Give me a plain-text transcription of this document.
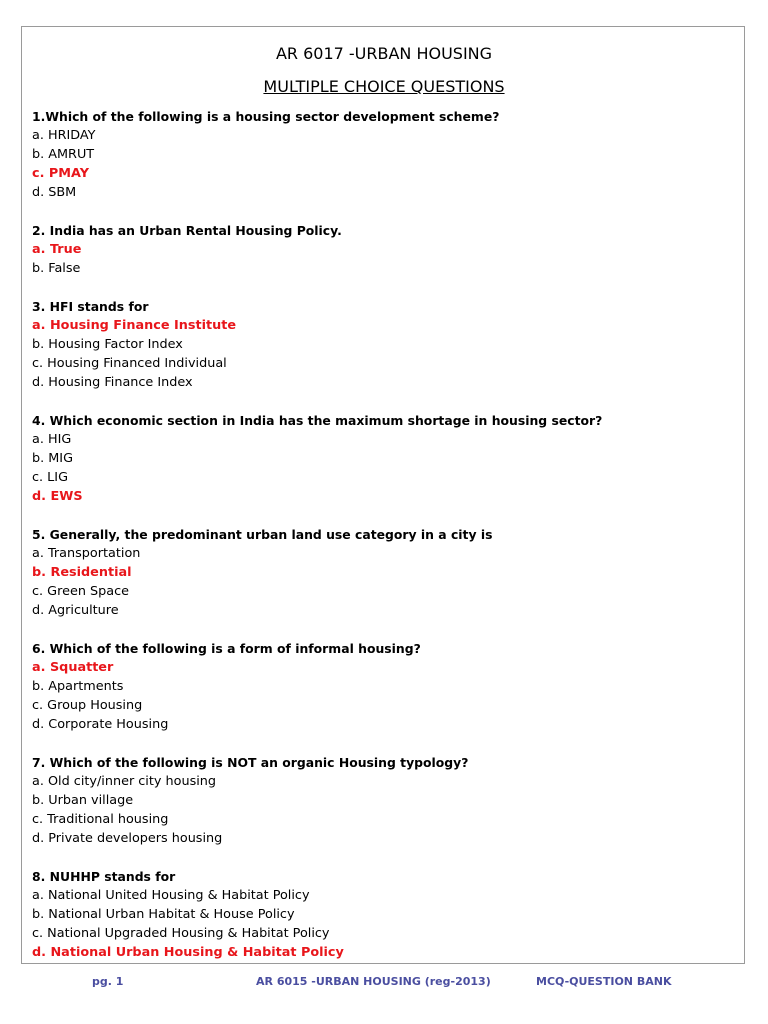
AR 6017 -URBAN HOUSING
MULTIPLE CHOICE QUESTIONS
1.Which of the following is a housing sector development scheme?
a. HRIDAY
b. AMRUT
c. PMAY
d. SBM
2. India has an Urban Rental Housing Policy.
a. True
b. False
3. HFI stands for
a. Housing Finance Institute
b. Housing Factor Index
c. Housing Financed Individual
d. Housing Finance Index
4. Which economic section in India has the maximum shortage in housing sector?
a. HIG
b. MIG
c. LIG
d. EWS
5. Generally, the predominant urban land use category in a city is
a. Transportation
b. Residential
c. Green Space
d. Agriculture
6. Which of the following is a form of informal housing?
a. Squatter
b. Apartments
c. Group Housing
d. Corporate Housing
7. Which of the following is NOT an organic Housing typology?
a. Old city/inner city housing
b. Urban village
c. Traditional housing
d. Private developers housing
8. NUHHP stands for
a. National United Housing & Habitat Policy
b. National Urban Habitat & House Policy
c. National Upgraded Housing & Habitat Policy
d. National Urban Housing & Habitat Policy
pg. 1	AR 6015 -URBAN HOUSING (reg-2013)	MCQ-QUESTION BANK
